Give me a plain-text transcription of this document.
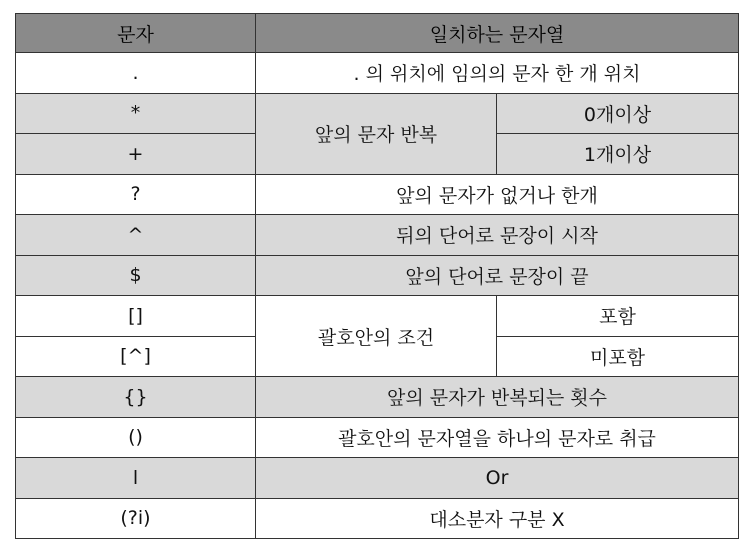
문자	일치하는 문자열	
.	. 의 위치에 임의의 문자 한 개 위치	
*	앞의 문자 반복	0개이상
+		1개이상
?	앞의 문자가 없거나 한개	
^	뒤의 단어로 문장이 시작	
$	앞의 단어로 문장이 끝	
[]	괄호안의 조건	포함
[^]		미포함
{}	앞의 문자가 반복되는 횟수	
()	괄호안의 문자열을 하나의 문자로 취급	
l	Or	
(?i)	대소분자 구분 X	
